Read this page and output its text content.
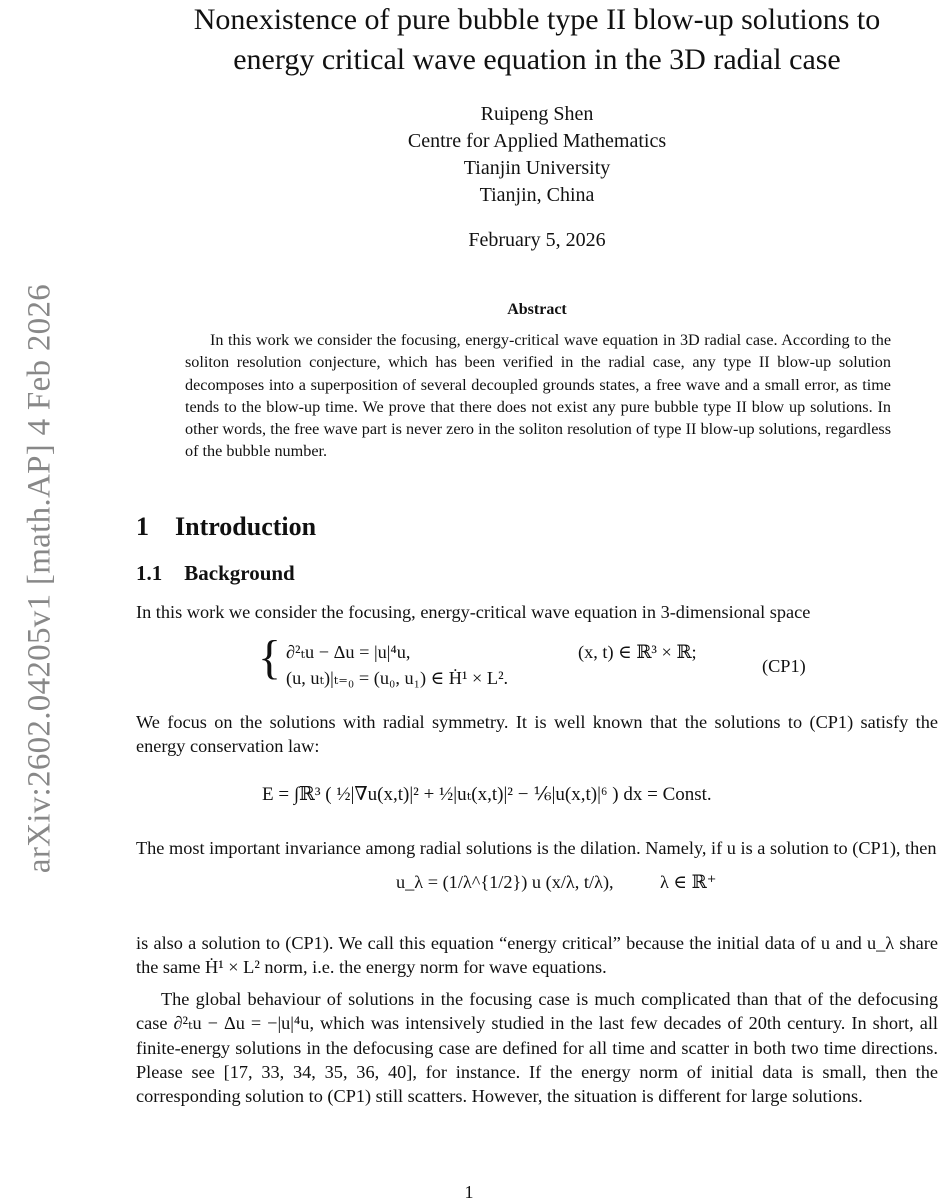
arXiv:2602.04205v1 [math.AP] 4 Feb 2026
Nonexistence of pure bubble type II blow-up solutions to
energy critical wave equation in the 3D radial case
Ruipeng Shen
Centre for Applied Mathematics
Tianjin University
Tianjin, China
February 5, 2026
Abstract
In this work we consider the focusing, energy-critical wave equation in 3D radial case. According to the soliton resolution conjecture, which has been verified in the radial case, any type II blow-up solution decomposes into a superposition of several decoupled grounds states, a free wave and a small error, as time tends to the blow-up time. We prove that there does not exist any pure bubble type II blow up solutions. In other words, the free wave part is never zero in the soliton resolution of type II blow-up solutions, regardless of the bubble number.
1 Introduction
1.1 Background
In this work we consider the focusing, energy-critical wave equation in 3-dimensional space
{ ∂²ₜu − Δu = |u|⁴u,	(x, t) ∈ ℝ³ × ℝ;
(u, uₜ)|ₜ₌₀ = (u₀, u₁) ∈ Ḣ¹ × L².
(CP1)
We focus on the solutions with radial symmetry. It is well known that the solutions to (CP1) satisfy the energy conservation law:
E = ∫ℝ³ ( ½|∇u(x,t)|² + ½|uₜ(x,t)|² − ⅙|u(x,t)|⁶ ) dx = Const.
The most important invariance among radial solutions is the dilation. Namely, if u is a solution to (CP1), then
u_λ = (1/λ^{1/2}) u (x/λ, t/λ),	λ ∈ ℝ⁺
is also a solution to (CP1). We call this equation “energy critical” because the initial data of u and u_λ share the same Ḣ¹ × L² norm, i.e. the energy norm for wave equations.
The global behaviour of solutions in the focusing case is much complicated than that of the defocusing case ∂²ₜu − Δu = −|u|⁴u, which was intensively studied in the last few decades of 20th century. In short, all finite-energy solutions in the defocusing case are defined for all time and scatter in both two time directions. Please see [17, 33, 34, 35, 36, 40], for instance. If the energy norm of initial data is small, then the corresponding solution to (CP1) still scatters. However, the situation is different for large solutions.
1
